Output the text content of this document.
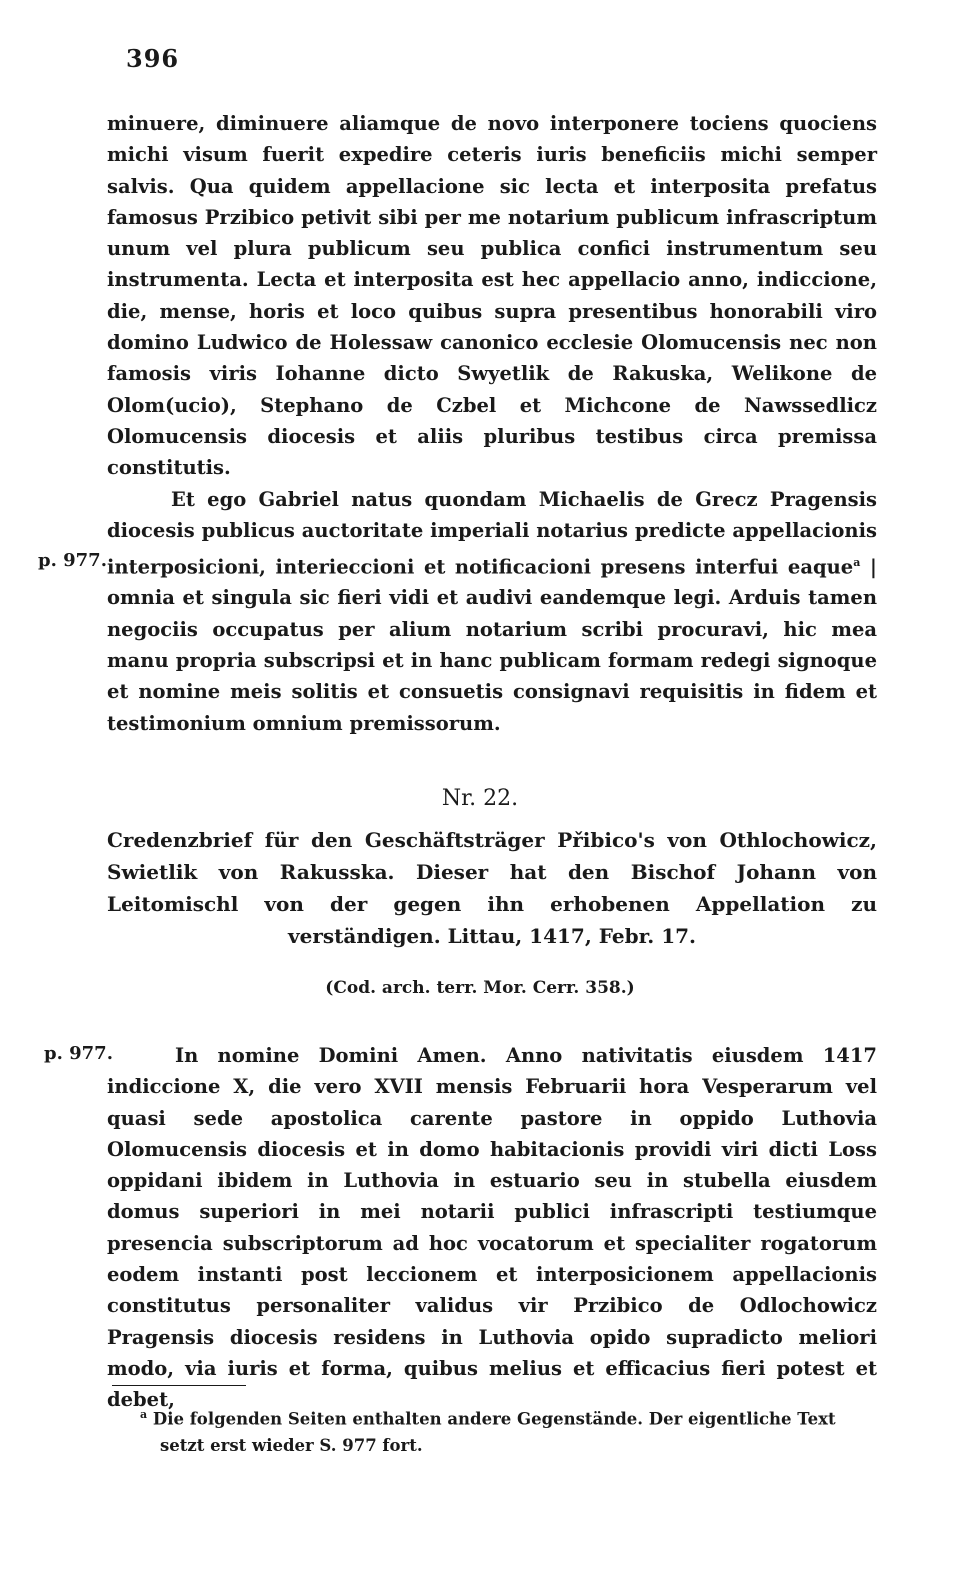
396
minuere, diminuere aliamque de novo interponere tociens quociens michi visum fuerit expedire ceteris iuris beneficiis michi semper salvis. Qua quidem appellacione sic lecta et interposita prefatus famosus Przibico petivit sibi per me notarium publicum infrascriptum unum vel plura publicum seu publica confici instrumentum seu instrumenta. Lecta et interposita est hec appellacio anno, indiccione, die, mense, horis et loco quibus supra presentibus honorabili viro domino Ludwico de Holessaw canonico ecclesie Olomucensis nec non famosis viris Iohanne dicto Swyetlik de Rakuska, Welikone de Olom(ucio), Stephano de Czbel et Michcone de Nawssedlicz Olomucensis diocesis et aliis pluribus testibus circa premissa constitutis.
p. 977.
Et ego Gabriel natus quondam Michaelis de Grecz Pragensis diocesis publicus auctoritate imperiali notarius predicte appellacionis interposicioni, interieccioni et notificacioni presens interfui eaque$^a$ | omnia et singula sic fieri vidi et audivi eandemque legi. Arduis tamen negociis occupatus per alium notarium scribi procuravi, hic mea manu propria subscripsi et in hanc publicam formam redegi signoque et nomine meis solitis et consuetis consignavi requisitis in fidem et testimonium omnium premissorum.
Nr. 22.
Credenzbrief für den Geschäftsträger Přibico's von Othlochowicz, Swietlik von Rakusska. Dieser hat den Bischof Johann von Leitomischl von der gegen ihn erhobenen Appellation zu verständigen. Littau, 1417, Febr. 17.
(Cod. arch. terr. Mor. Cerr. 358.)
p. 977.	In nomine Domini Amen. Anno nativitatis eiusdem 1417 indiccione X, die vero XVII mensis Februarii hora Vesperarum vel quasi sede apostolica carente pastore in oppido Luthovia Olomucensis diocesis et in domo habitacionis providi viri dicti Loss oppidani ibidem in Luthovia in estuario seu in stubella eiusdem domus superiori in mei notarii publici infrascripti testiumque presencia subscriptorum ad hoc vocatorum et specialiter rogatorum eodem instanti post leccionem et interposicionem appellacionis constitutus personaliter validus vir Przibico de Odlochowicz Pragensis diocesis residens in Luthovia opido supradicto meliori modo, via iuris et forma, quibus melius et efficacius fieri potest et debet,
$^a$ Die folgenden Seiten enthalten andere Gegenstände. Der eigentliche Text setzt erst wieder S. 977 fort.
